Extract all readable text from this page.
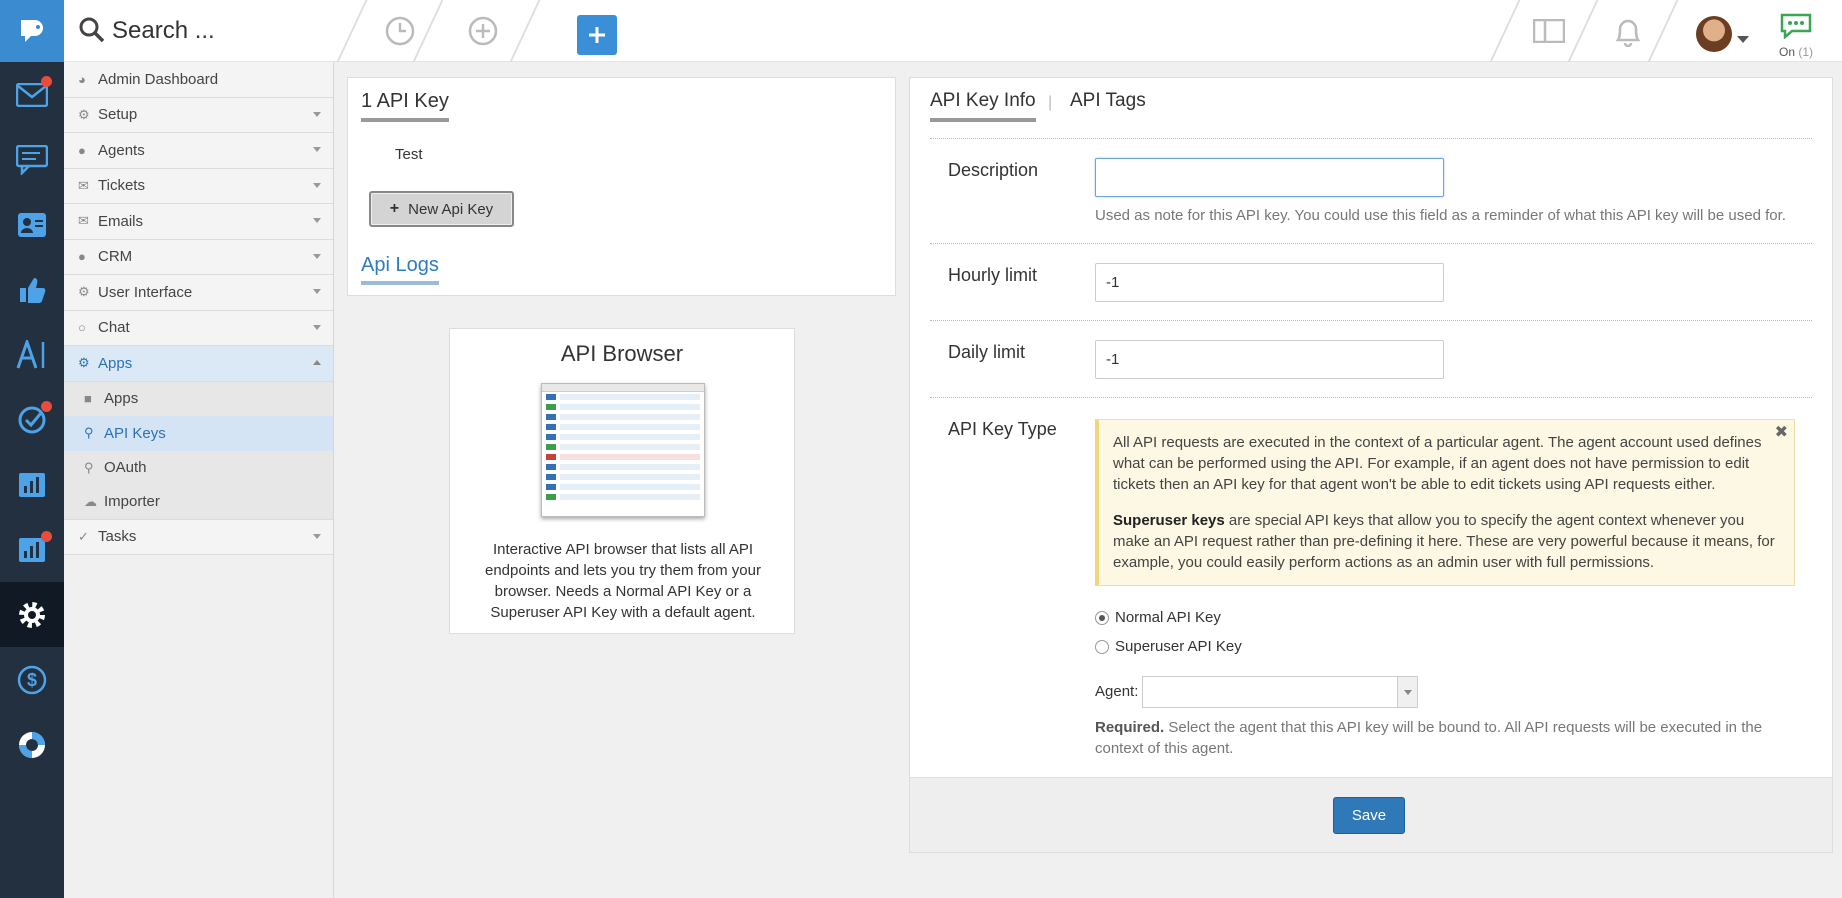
$
Search ...
On (1)
◕ Admin Dashboard
⚙ Setup
● Agents
✉ Tickets
✉ Emails
● CRM
⚙ User Interface
○ Chat
⚙ Apps
■ Apps
⚲ API Keys
⚲ OAuth
☁ Importer
✓ Tasks
1 API Key
Test
+ New Api Key
Api Logs
API Browser
Interactive API browser that lists all API endpoints and lets you try them from your browser. Needs a Normal API Key or a Superuser API Key with a default agent.
API Key Info | API Tags
Description
Used as note for this API key. You could use this field as a reminder of what this API key will be used for.
Hourly limit
-1
Daily limit
-1
API Key Type	✖

All API requests are executed in the context of a particular agent. The agent account used defines what can be performed using the API. For example, if an agent does not have permission to edit tickets then an API key for that agent won't be able to edit tickets using API requests either.

Superuser keys are special API keys that allow you to specify the agent context whenever you make an API request rather than pre-defining it here. These are very powerful because it means, for example, you could easily perform actions as an admin user with full permissions.

Normal API Key
Superuser API Key
Agent:
Required. Select the agent that this API key will be bound to. All API requests will be executed in the context of this agent.
Save
